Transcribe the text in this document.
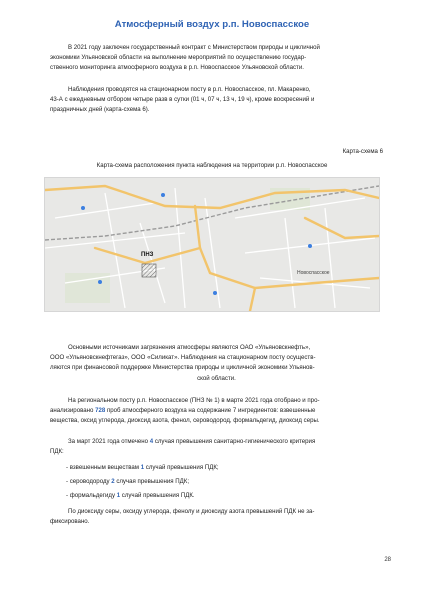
Атмосферный воздух р.п. Новоспасское
В 2021 году заключен государственный контракт с Министерством природы и цикличной
экономики Ульяновской области на выполнение мероприятий по осуществлению государ-
ственного мониторинга атмосферного воздуха в р.п. Новоспасское Ульяновской области.
Наблюдения проводятся на стационарном посту в р.п. Новоспасское, пл. Макаренко,
43-А с ежедневным отбором четыре разв в сутки (01 ч, 07 ч, 13 ч, 19 ч), кроме воскресений и
праздничных дней (карта-схема 6).
Карта-схема 6
Карта-схема расположения пункта наблюдения на территории р.п. Новоспасское
ПНЗ
Новоспасское
Основными источниками загрязнения атмосферы являются ОАО «Ульяновскнефть»,
ООО «Ульяновскнефтегаз», ООО «Силикат». Наблюдения на стационарном посту осуществ-
ляются при финансовой поддержке Министерства природы и цикличной экономики Ульянов-
ской области.
На региональном посту р.п. Новоспасское (ПНЗ № 1) в марте 2021 года отобрано и про-
анализировано 728 проб атмосферного воздуха на содержание 7 ингредиентов: взвешенные
вещества, оксид углерода, диоксид азота, фенол, сероводород, формальдегид, диоксид серы.
За март 2021 года отмечено 4 случая превышения санитарно-гигиенического критерия
ПДК:
- взвешенным веществам 1 случай превышения ПДК;
- сероводороду 2 случая превышения ПДК;
- формальдегиду 1 случай превышения ПДК.
По диоксиду серы, оксиду углерода, фенолу и диоксиду азота превышений ПДК не за-
фиксировано.
28
